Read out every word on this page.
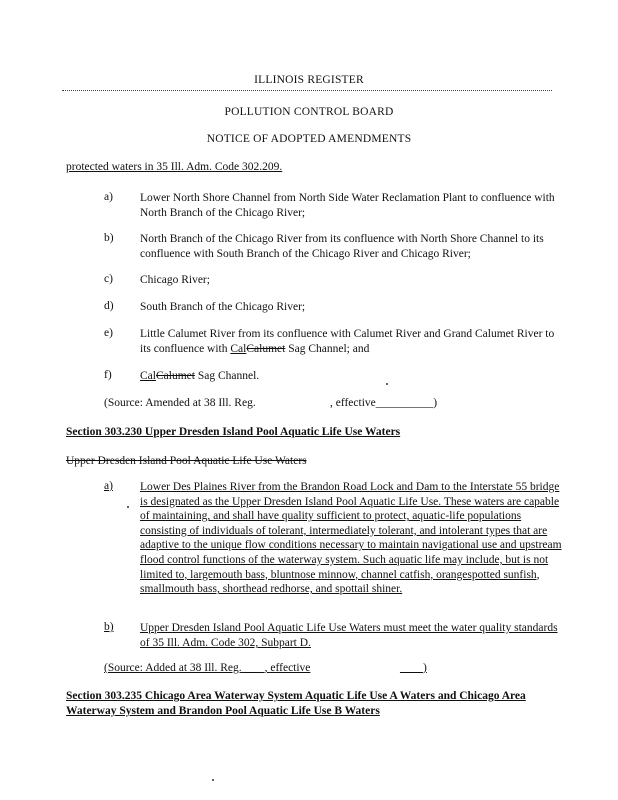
ILLINOIS REGISTER
POLLUTION CONTROL BOARD
NOTICE OF ADOPTED AMENDMENTS
protected waters in 35 Ill. Adm. Code 302.209.
a) Lower North Shore Channel from North Side Water Reclamation Plant to confluence with North Branch of the Chicago River;
b) North Branch of the Chicago River from its confluence with North Shore Channel to its confluence with South Branch of the Chicago River and Chicago River;
c) Chicago River;
d) South Branch of the Chicago River;
e) Little Calumet River from its confluence with Calumet River and Grand Calumet River to its confluence with CalCalumet Sag Channel; and
f) CalCalumet Sag Channel.
(Source: Amended at 38 Ill. Reg.	, effective__________)
Section 303.230 Upper Dresden Island Pool Aquatic Life Use Waters
Upper Dresden Island Pool Aquatic Life Use Waters
a) Lower Des Plaines River from the Brandon Road Lock and Dam to the Interstate 55 bridge is designated as the Upper Dresden Island Pool Aquatic Life Use. These waters are capable of maintaining, and shall have quality sufficient to protect, aquatic-life populations consisting of individuals of tolerant, intermediately tolerant, and intolerant types that are adaptive to the unique flow conditions necessary to maintain navigational use and upstream flood control functions of the waterway system. Such aquatic life may include, but is not limited to, largemouth bass, bluntnose minnow, channel catfish, orangespotted sunfish, smallmouth bass, shorthead redhorse, and spottail shiner.
b) Upper Dresden Island Pool Aquatic Life Use Waters must meet the water quality standards of 35 Ill. Adm. Code 302, Subpart D.
(Source: Added at 38 Ill. Reg. ___ , effective	____)
Section 303.235 Chicago Area Waterway System Aquatic Life Use A Waters and Chicago Area Waterway System and Brandon Pool Aquatic Life Use B Waters
